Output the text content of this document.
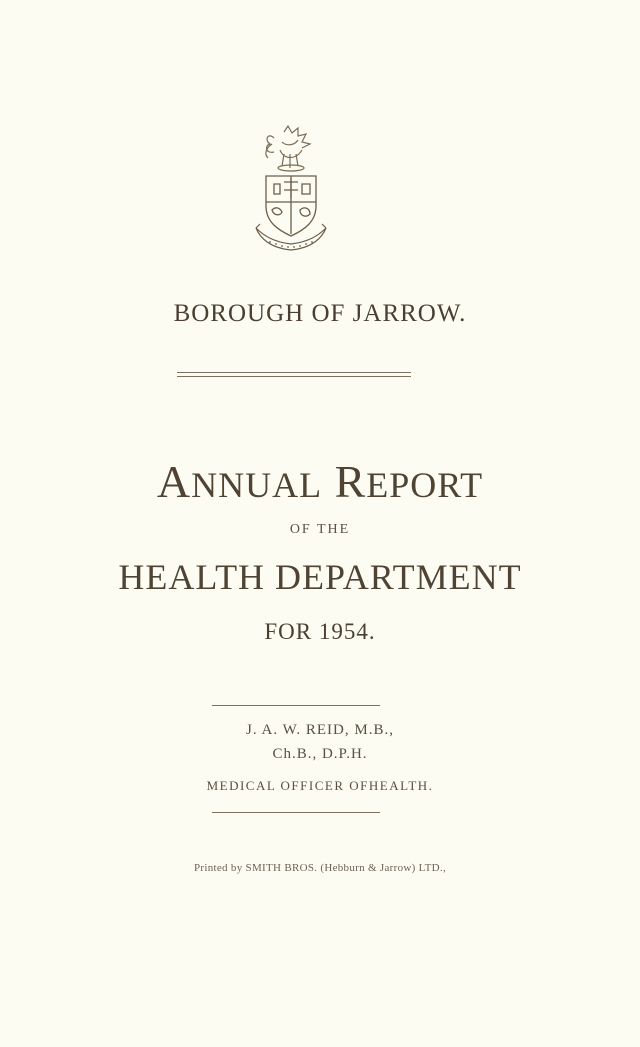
BOROUGH OF JARROW.
ANNUAL REPORT
OF THE
HEALTH DEPARTMENT
FOR 1954.
J. A. W. REID, M.B.,
Ch.B., D.P.H.
MEDICAL OFFICER OFHEALTH.
Printed by SMITH BROS. (Hebburn & Jarrow) LTD.,
